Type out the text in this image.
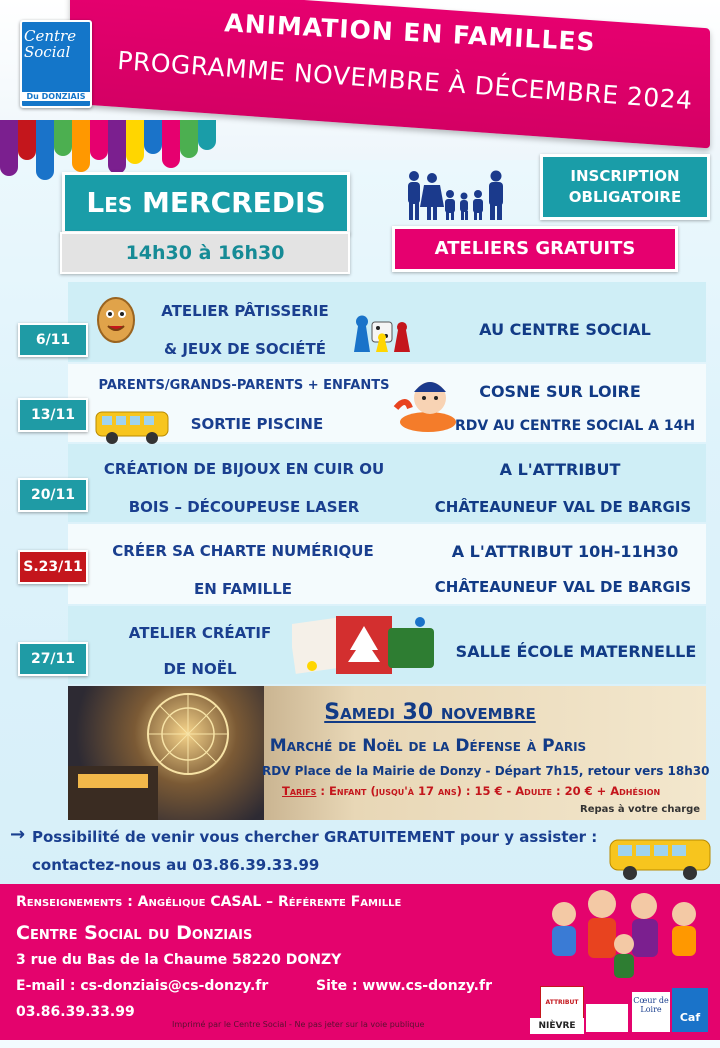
ANIMATION EN FAMILLES
PROGRAMME NOVEMBRE À DÉCEMBRE 2024
Centre
Social
Du DONZIAIS
Les MERCREDIS
14h30 à 16h30
INSCRIPTION
OBLIGATOIRE
ATELIERS GRATUITS
6/11
ATELIER PÂTISSERIE
& JEUX DE SOCIÉTÉ
AU CENTRE SOCIAL
13/11
PARENTS/GRANDS-PARENTS + ENFANTS
SORTIE PISCINE
COSNE SUR LOIRE
RDV AU CENTRE SOCIAL A 14H
20/11
CRÉATION DE BIJOUX EN CUIR OU
BOIS – DÉCOUPEUSE LASER
A L'ATTRIBUT
CHÂTEAUNEUF VAL DE BARGIS
S.23/11
CRÉER SA CHARTE NUMÉRIQUE
EN FAMILLE
A L'ATTRIBUT 10H-11H30
CHÂTEAUNEUF VAL DE BARGIS
27/11
ATELIER CRÉATIF
DE NOËL
SALLE ÉCOLE MATERNELLE
Samedi 30 novembre
Marché de Noël de la Défense à Paris
RDV Place de la Mairie de Donzy - Départ 7h15, retour vers 18h30
Tarifs : Enfant (jusqu'à 17 ans) : 15 € - Adulte : 20 € + Adhésion
Repas à votre charge
→ Possibilité de venir vous chercher GRATUITEMENT pour y assister :
contactez-nous au 03.86.39.33.99
Renseignements : Angélique CASAL – Référente Famille
Centre Social du Donziais
3 rue du Bas de la Chaume 58220 DONZY
E-mail : cs-donziais@cs-donzy.fr	Site : www.cs-donzy.fr
03.86.39.33.99
Imprimé par le Centre Social - Ne pas jeter sur la voie publique
ATTRIBUT
NIÈVRE
Cœur de Loire
Caf
